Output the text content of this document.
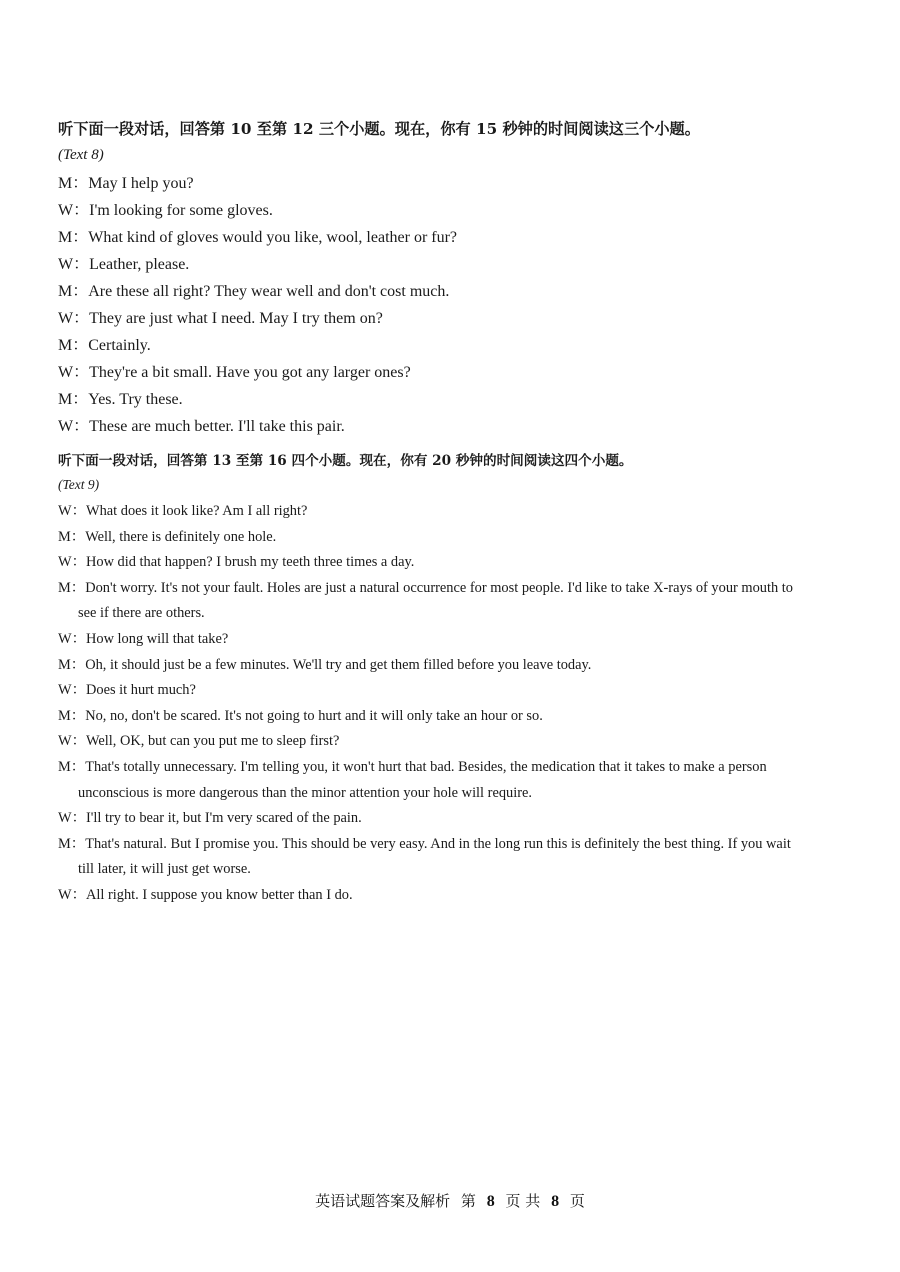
听下面一段对话，回答第 10 至第 12 三个小题。现在，你有 15 秒钟的时间阅读这三个小题。
(Text 8)
M：May I help you?
W：I'm looking for some gloves.
M：What kind of gloves would you like, wool, leather or fur?
W：Leather, please.
M：Are these all right? They wear well and don't cost much.
W：They are just what I need. May I try them on?
M：Certainly.
W：They're a bit small. Have you got any larger ones?
M：Yes. Try these.
W：These are much better. I'll take this pair.
听下面一段对话，回答第 13 至第 16 四个小题。现在，你有 20 秒钟的时间阅读这四个小题。
(Text 9)
W：What does it look like? Am I all right?
M：Well, there is definitely one hole.
W：How did that happen? I brush my teeth three times a day.
M：Don't worry. It's not your fault. Holes are just a natural occurrence for most people. I'd like to take X-rays of your mouth to see if there are others.
W：How long will that take?
M：Oh, it should just be a few minutes. We'll try and get them filled before you leave today.
W：Does it hurt much?
M：No, no, don't be scared. It's not going to hurt and it will only take an hour or so.
W：Well, OK, but can you put me to sleep first?
M：That's totally unnecessary. I'm telling you, it won't hurt that bad. Besides, the medication that it takes to make a person unconscious is more dangerous than the minor attention your hole will require.
W：I'll try to bear it, but I'm very scared of the pain.
M：That's natural. But I promise you. This should be very easy. And in the long run this is definitely the best thing. If you wait till later, it will just get worse.
W：All right. I suppose you know better than I do.
英语试题答案及解析 第 8 页 共 8 页
